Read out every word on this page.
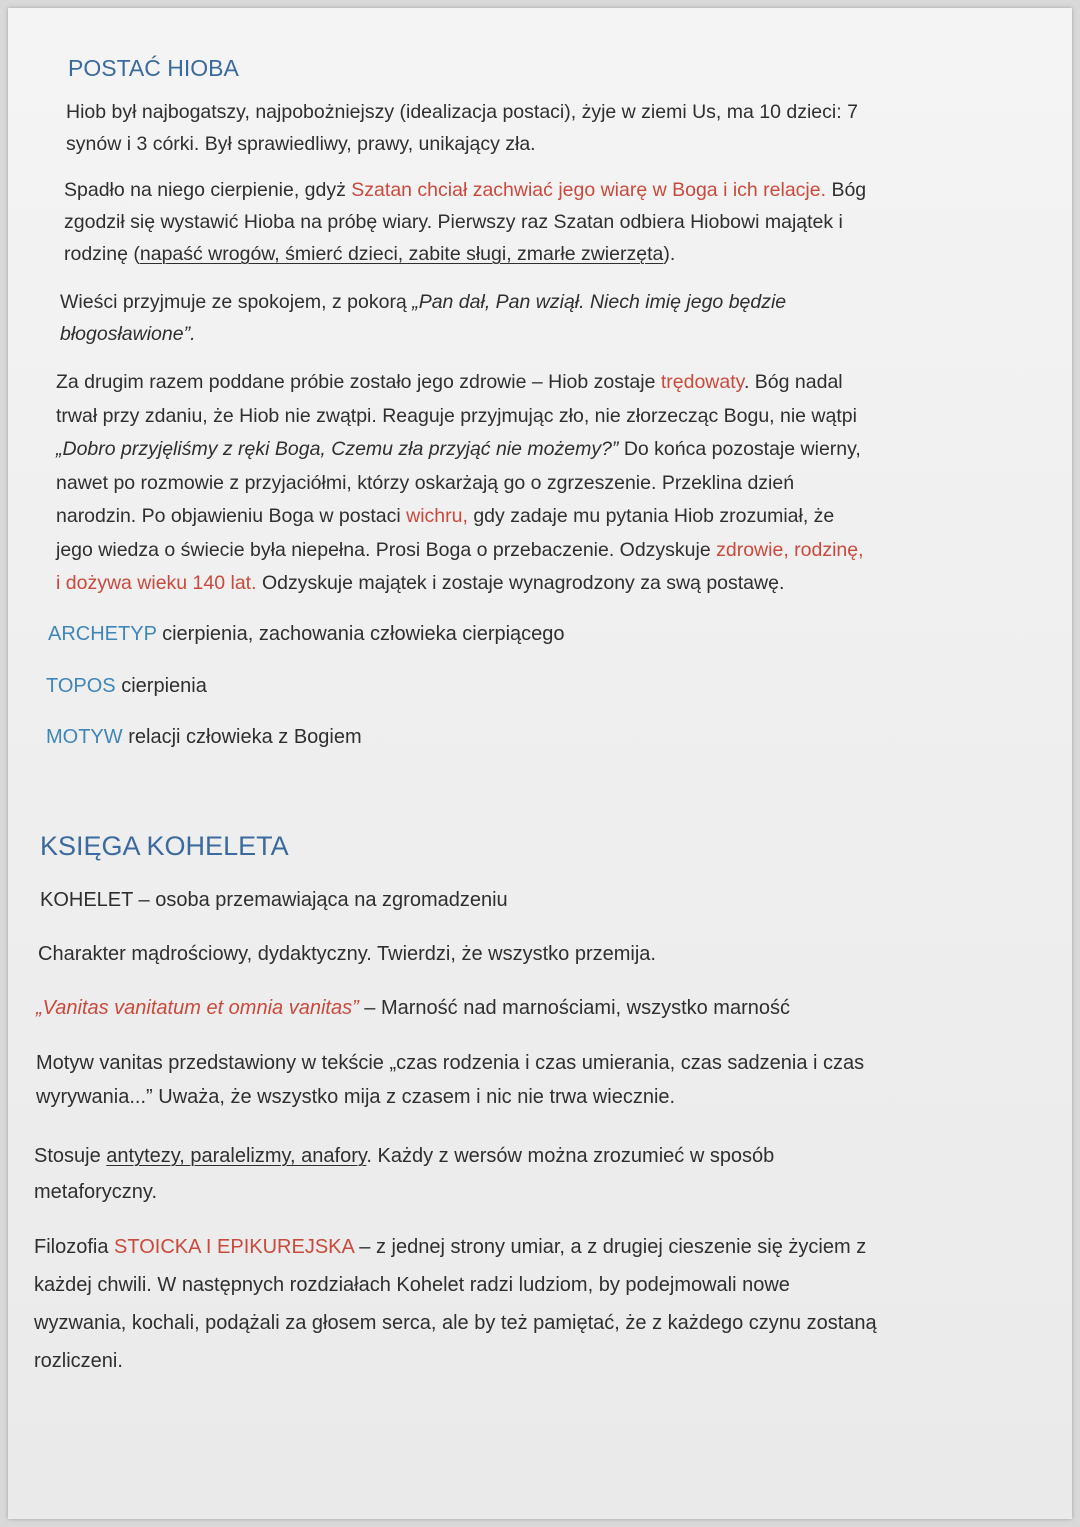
POSTAĆ HIOBA
Hiob był najbogatszy, najpobożniejszy (idealizacja postaci), żyje w ziemi Us, ma 10 dzieci: 7
synów i 3 córki. Był sprawiedliwy, prawy, unikający zła.
Spadło na niego cierpienie, gdyż Szatan chciał zachwiać jego wiarę w Boga i ich relacje. Bóg
zgodził się wystawić Hioba na próbę wiary. Pierwszy raz Szatan odbiera Hiobowi majątek i
rodzinę (napaść wrogów, śmierć dzieci, zabite sługi, zmarłe zwierzęta).
Wieści przyjmuje ze spokojem, z pokorą „Pan dał, Pan wziął. Niech imię jego będzie
błogosławione”.
Za drugim razem poddane próbie zostało jego zdrowie – Hiob zostaje trędowaty. Bóg nadal
trwał przy zdaniu, że Hiob nie zwątpi. Reaguje przyjmując zło, nie złorzecząc Bogu, nie wątpi
„Dobro przyjęliśmy z ręki Boga, Czemu zła przyjąć nie możemy?” Do końca pozostaje wierny,
nawet po rozmowie z przyjaciółmi, którzy oskarżają go o zgrzeszenie. Przeklina dzień
narodzin. Po objawieniu Boga w postaci wichru, gdy zadaje mu pytania Hiob zrozumiał, że
jego wiedza o świecie była niepełna. Prosi Boga o przebaczenie. Odzyskuje zdrowie, rodzinę,
i dożywa wieku 140 lat. Odzyskuje majątek i zostaje wynagrodzony za swą postawę.
ARCHETYP cierpienia, zachowania człowieka cierpiącego
TOPOS cierpienia
MOTYW relacji człowieka z Bogiem
KSIĘGA KOHELETA
KOHELET – osoba przemawiająca na zgromadzeniu
Charakter mądrościowy, dydaktyczny. Twierdzi, że wszystko przemija.
„Vanitas vanitatum et omnia vanitas” – Marność nad marnościami, wszystko marność
Motyw vanitas przedstawiony w tekście „czas rodzenia i czas umierania, czas sadzenia i czas
wyrywania...” Uważa, że wszystko mija z czasem i nic nie trwa wiecznie.
Stosuje antytezy, paralelizmy, anafory. Każdy z wersów można zrozumieć w sposób
metaforyczny.
Filozofia STOICKA I EPIKUREJSKA – z jednej strony umiar, a z drugiej cieszenie się życiem z
każdej chwili. W następnych rozdziałach Kohelet radzi ludziom, by podejmowali nowe
wyzwania, kochali, podążali za głosem serca, ale by też pamiętać, że z każdego czynu zostaną
rozliczeni.
